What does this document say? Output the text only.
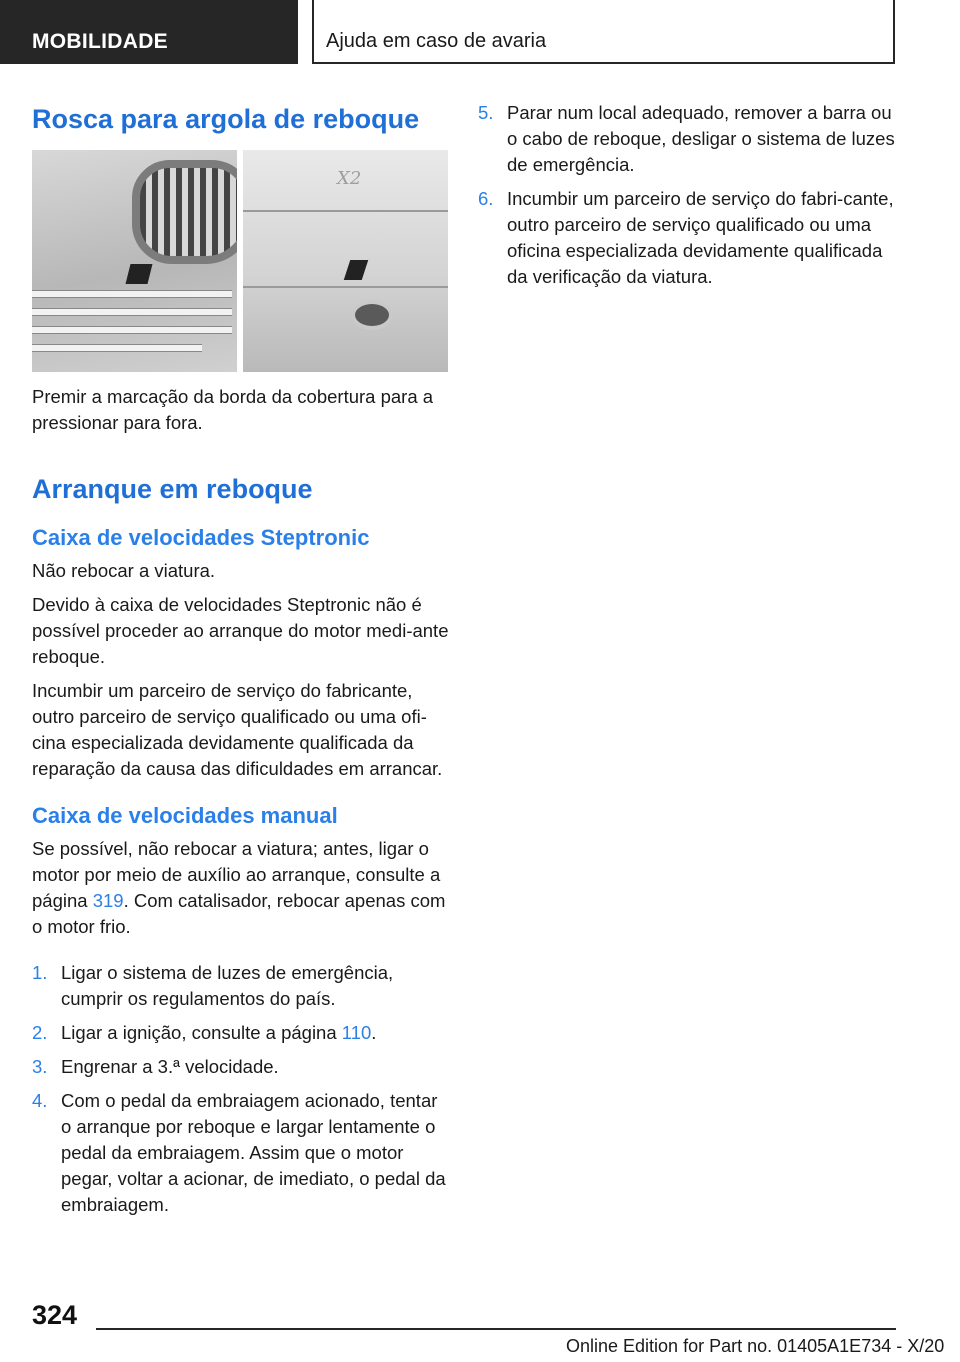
MOBILIDADE	Ajuda em caso de avaria
Rosca para argola de reboque
X2

Premir a marcação da borda da cobertura para a pressionar para fora.

Arranque em reboque
Caixa de velocidades Steptronic

Não rebocar a viatura.

Devido à caixa de velocidades Steptronic não é possível proceder ao arranque do motor medi-ante reboque.

Incumbir um parceiro de serviço do fabricante, outro parceiro de serviço qualificado ou uma ofi-cina especializada devidamente qualificada da reparação da causa das dificuldades em arrancar.

Caixa de velocidades manual

Se possível, não rebocar a viatura; antes, ligar o motor por meio de auxílio ao arranque, consulte a página 319. Com catalisador, rebocar apenas com o motor frio.

1. Ligar o sistema de luzes de emergência, cumprir os regulamentos do país.
2. Ligar a ignição, consulte a página 110.
3. Engrenar a 3.ª velocidade.
4. Com o pedal da embraiagem acionado, tentar o arranque por reboque e largar lentamente o pedal da embraiagem. Assim que o motor pegar, voltar a acionar, de imediato, o pedal da embraiagem.
5. Parar num local adequado, remover a barra ou o cabo de reboque, desligar o sistema de luzes de emergência.
6. Incumbir um parceiro de serviço do fabri-cante, outro parceiro de serviço qualificado ou uma oficina especializada devidamente qualificada da verificação da viatura.
324
Online Edition for Part no. 01405A1E734 - X/20
